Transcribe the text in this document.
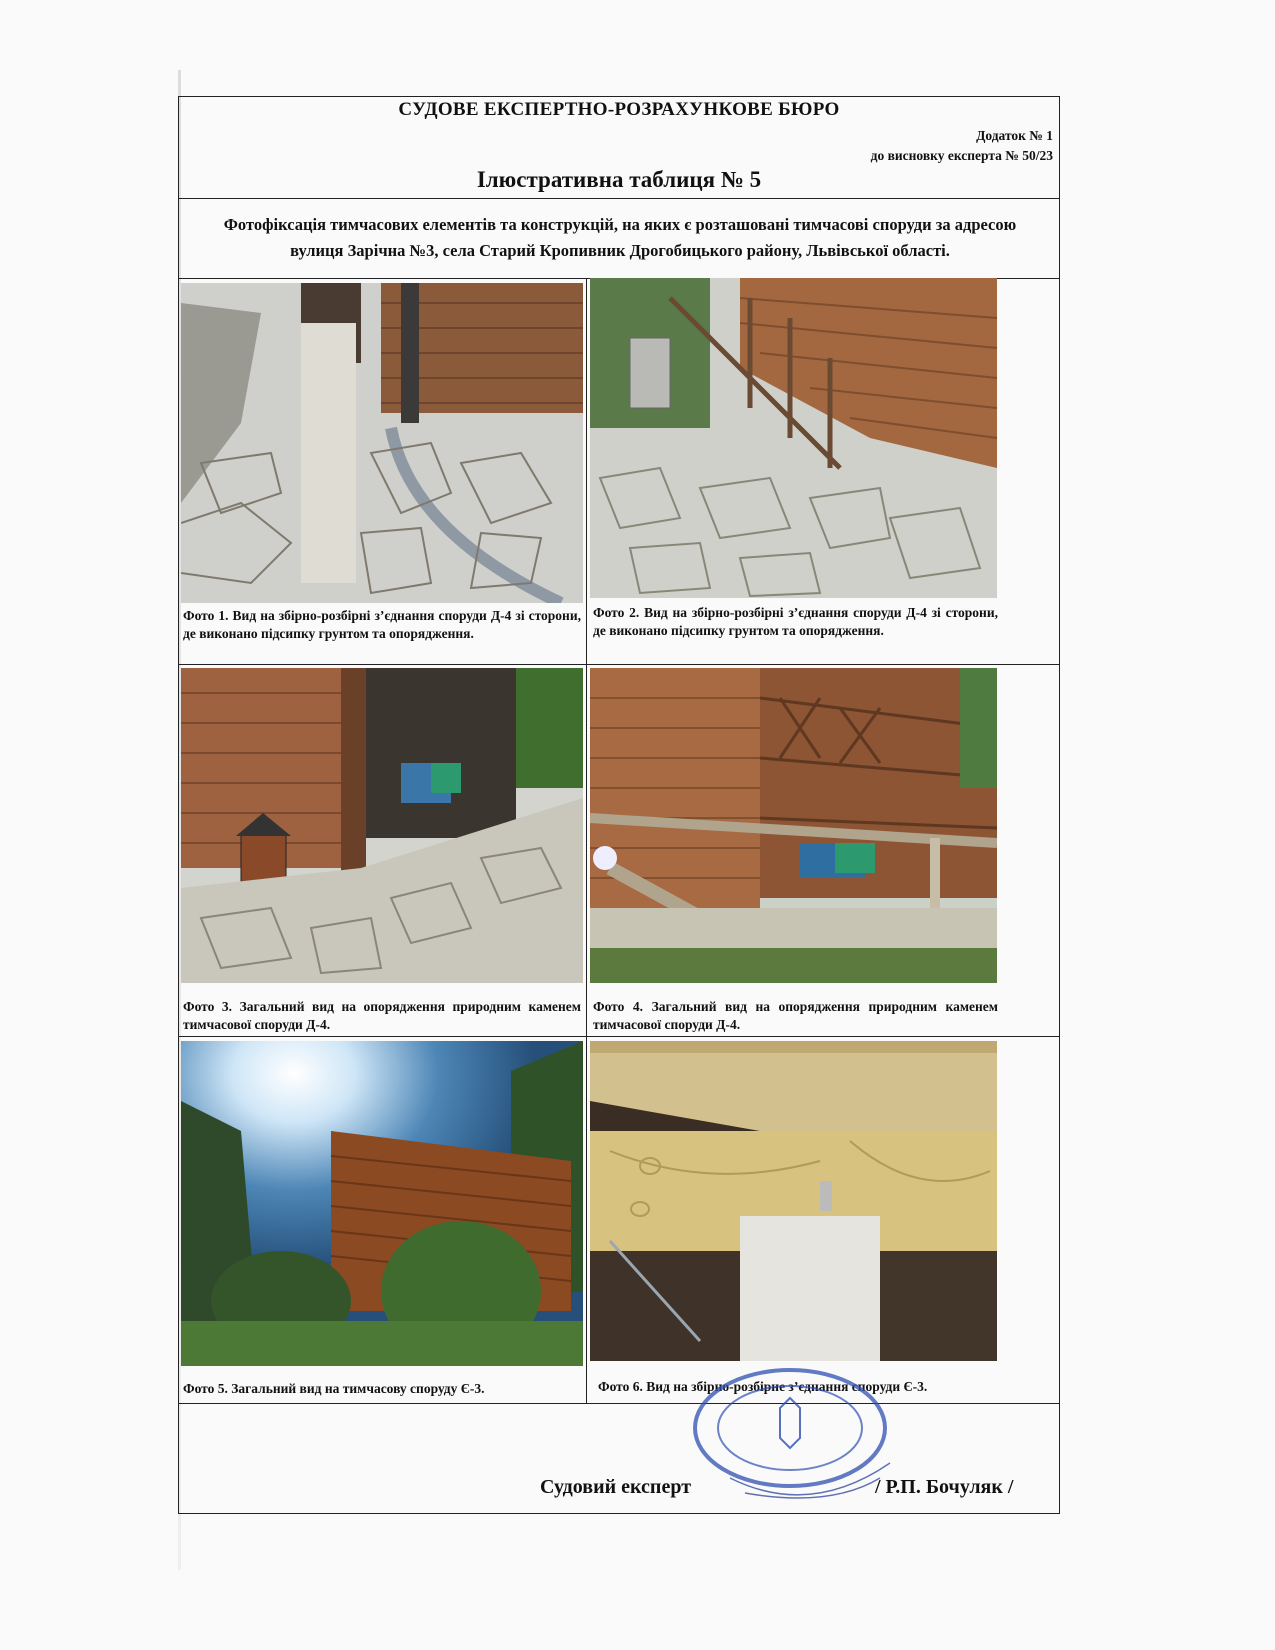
СУДОВЕ ЕКСПЕРТНО-РОЗРАХУНКОВЕ БЮРО
Додаток № 1
до висновку експерта № 50/23
Ілюстративна таблиця № 5
Фотофіксація тимчасових елементів та конструкцій, на яких є розташовані тимчасові споруди за адресою вулиця Зарічна №3, села Старий Кропивник Дрогобицького району, Львівської області.
Фото 1. Вид на збірно-розбірні з’єднання споруди Д-4 зі сторони, де виконано підсипку грунтом та опорядження.
Фото 2. Вид на збірно-розбірні з’єднання споруди Д-4 зі сторони, де виконано підсипку грунтом та опорядження.
Фото 3. Загальний вид на опорядження природним каменем тимчасової споруди Д-4.
Фото 4. Загальний вид на опорядження природним каменем тимчасової споруди Д-4.
Фото 5. Загальний вид на тимчасову споруду Є-3.	Фото 6. Вид на збірно-розбірне з’єднання споруди Є-3.
Судовий експерт	/ Р.П. Бочуляк /
